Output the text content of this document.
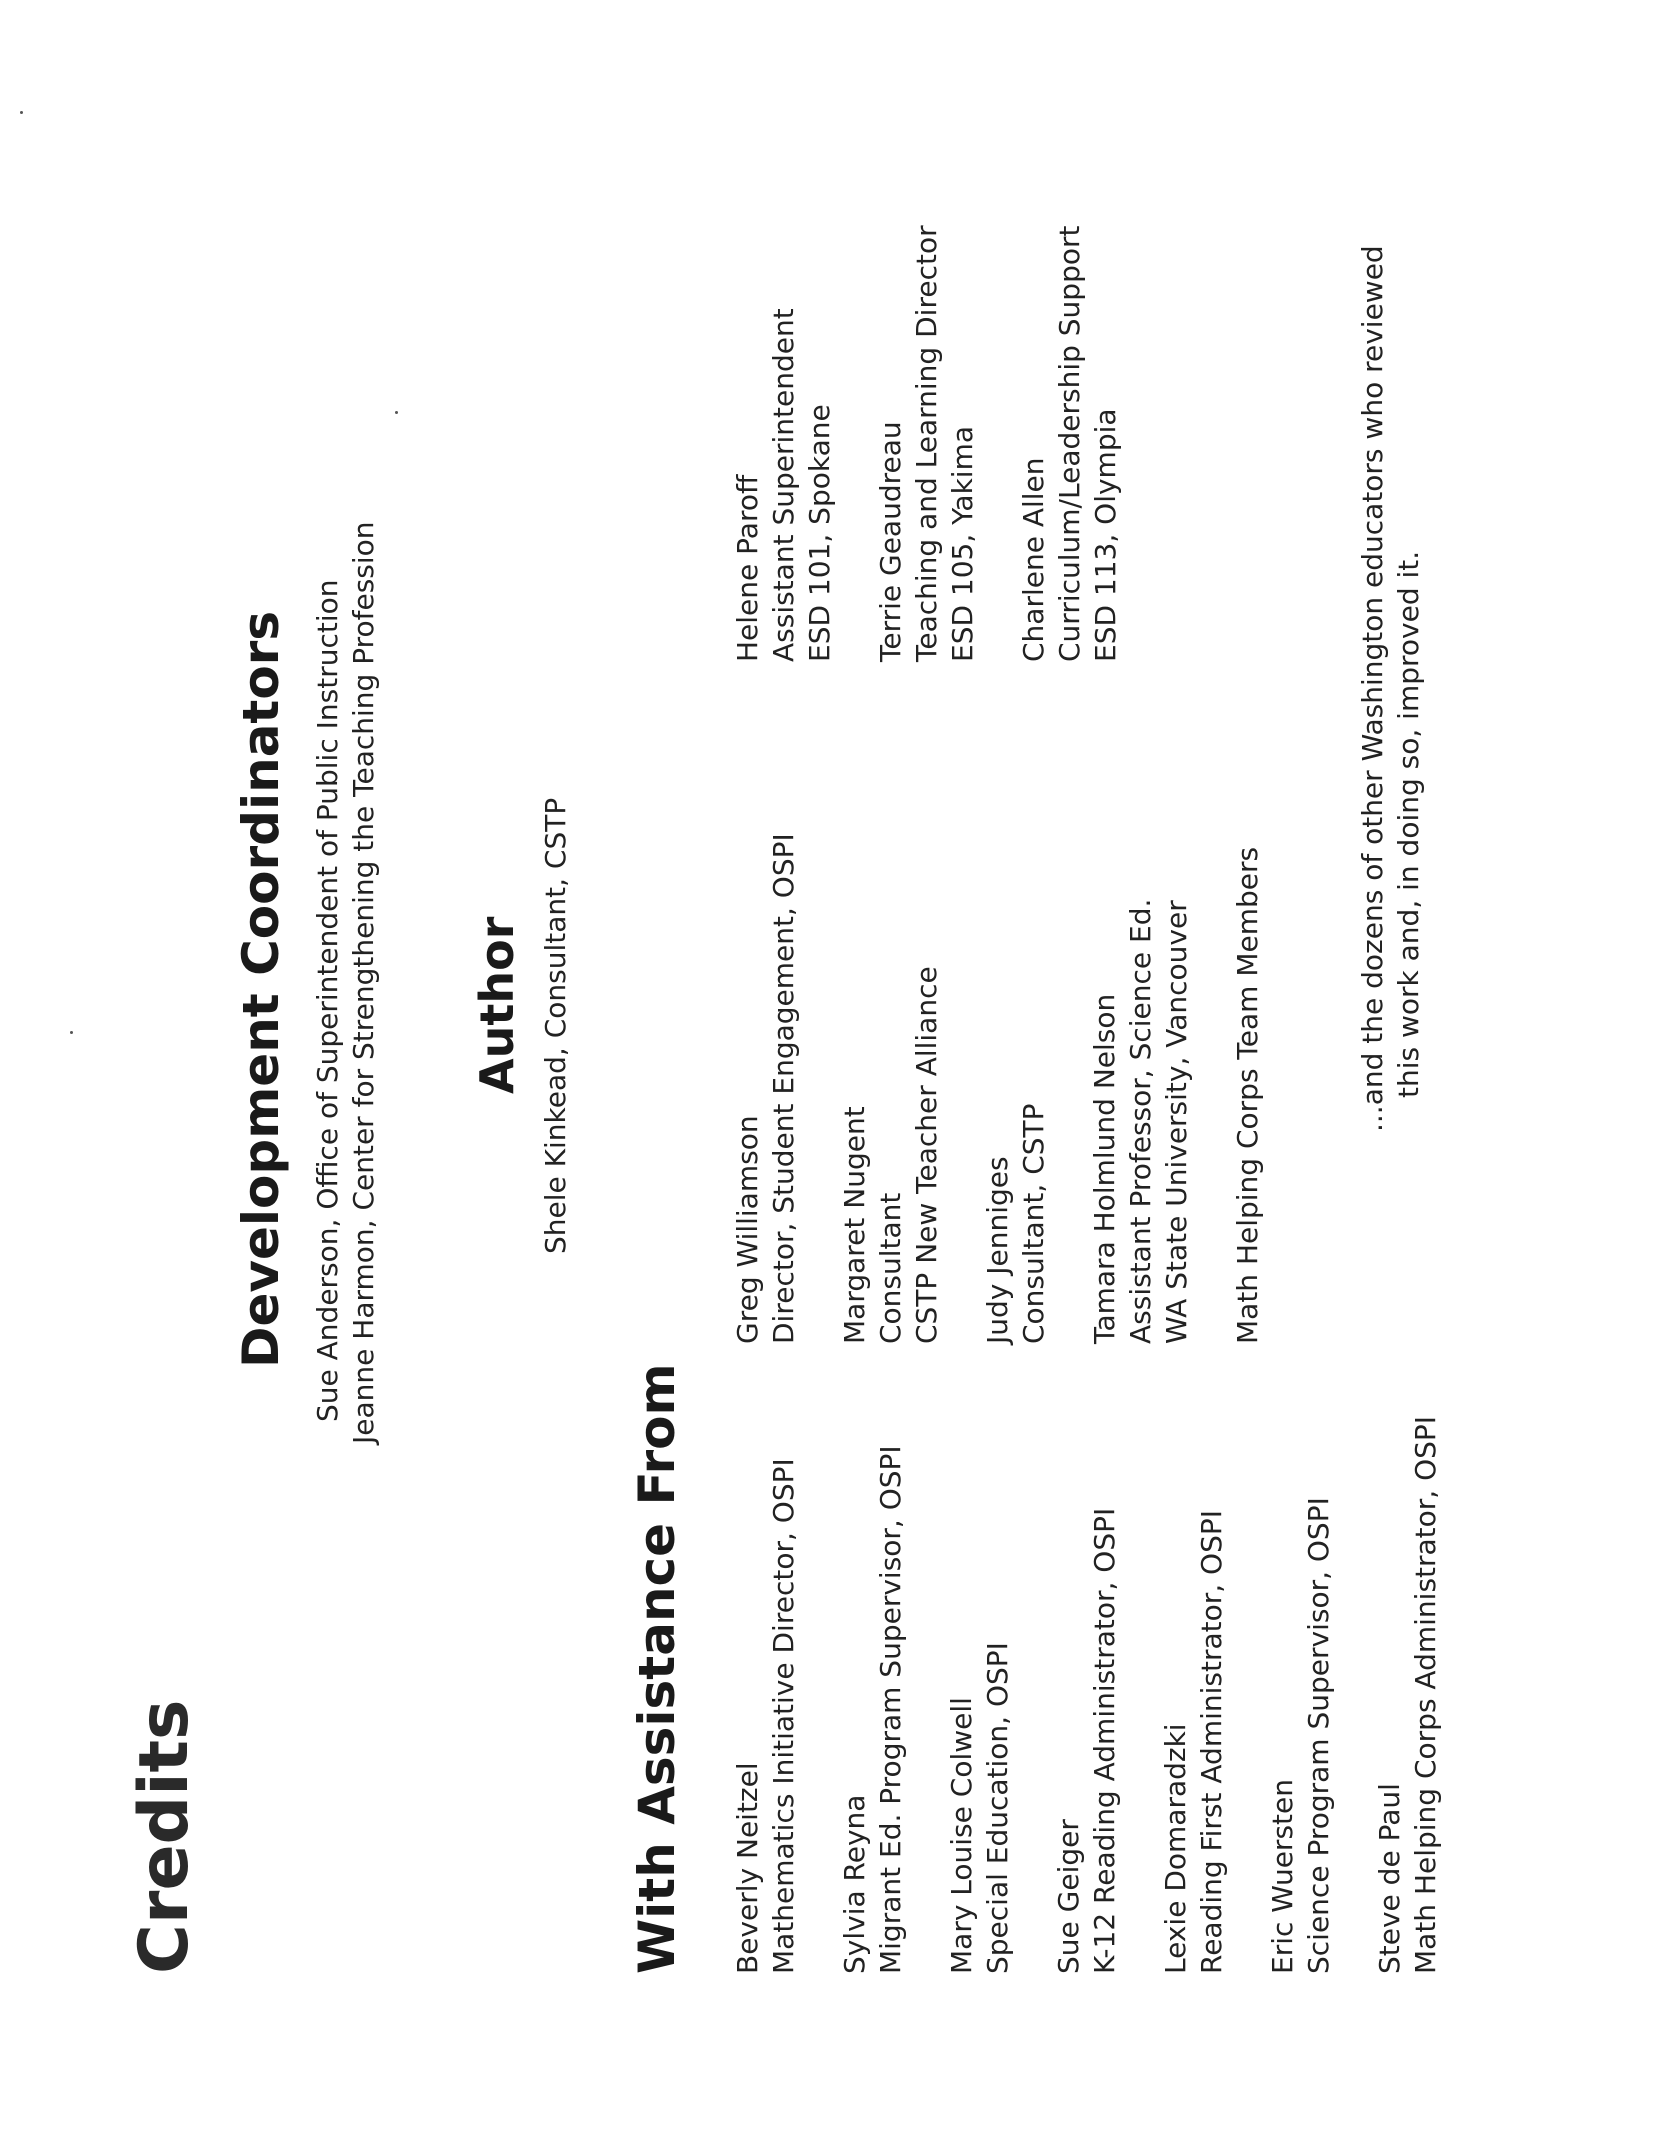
Credits
Development Coordinators Sue Anderson, Office of Superintendent of Public Instruction Jeanne Harmon, Center for Strengthening the Teaching Profession Author Shele Kinkead, Consultant, CSTP
With Assistance From Beverly Neitzel Mathematics Initiative Director, OSPI Sylvia Reyna Migrant Ed. Program Supervisor, OSPI Mary Louise Colwell Special Education, OSPI Sue Geiger K-12 Reading Administrator, OSPI Lexie Domaradzki Reading First Administrator, OSPI Eric Wuersten Science Program Supervisor, OSPI Steve de Paul Math Helping Corps Administrator, OSPI
Greg Williamson Director, Student Engagement, OSPI Margaret Nugent Consultant CSTP New Teacher Alliance Judy Jenniges Consultant, CSTP Tamara Holmlund Nelson Assistant Professor, Science Ed. WA State University, Vancouver Math Helping Corps Team Members
Helene Paroff Assistant Superintendent ESD 101, Spokane Terrie Geaudreau Teaching and Learning Director ESD 105, Yakima Charlene Allen Curriculum/Leadership Support ESD 113, Olympia	...and the dozens of other Washington educators who reviewed this work and, in doing so, improved it.
